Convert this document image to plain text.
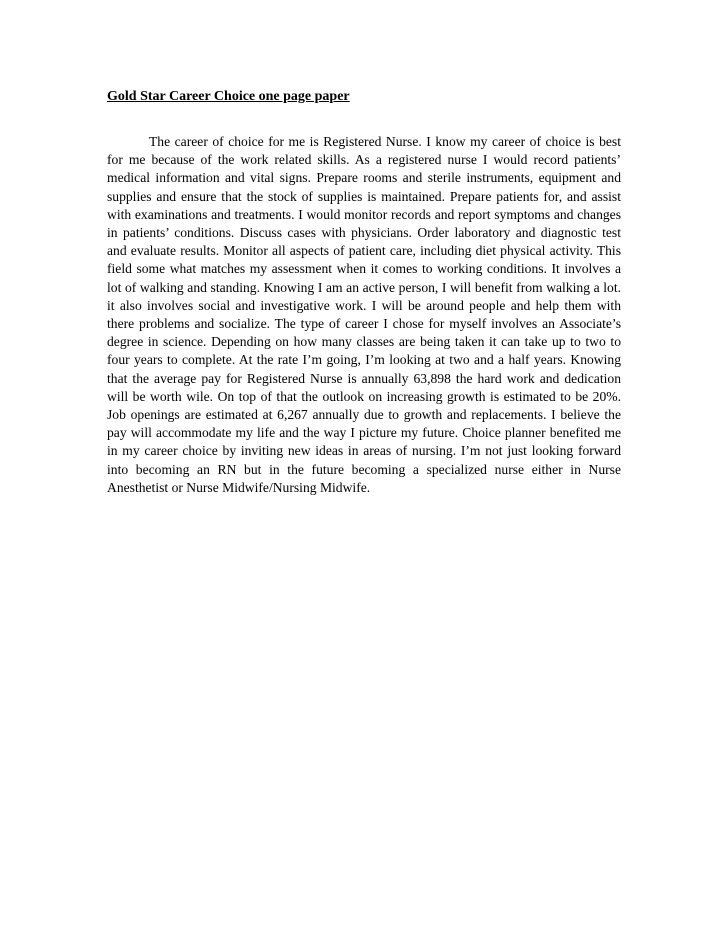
Gold Star Career Choice one page paper

The career of choice for me is Registered Nurse. I know my career of choice is best for me because of the work related skills. As a registered nurse I would record patients’ medical information and vital signs. Prepare rooms and sterile instruments, equipment and supplies and ensure that the stock of supplies is maintained. Prepare patients for, and assist with examinations and treatments. I would monitor records and report symptoms and changes in patients’ conditions. Discuss cases with physicians. Order laboratory and diagnostic test and evaluate results. Monitor all aspects of patient care, including diet physical activity. This field some what matches my assessment when it comes to working conditions. It involves a lot of walking and standing. Knowing I am an active person, I will benefit from walking a lot. it also involves social and investigative work. I will be around people and help them with there problems and socialize. The type of career I chose for myself involves an Associate’s degree in science. Depending on how many classes are being taken it can take up to two to four years to complete. At the rate I’m going, I’m looking at two and a half years. Knowing that the average pay for Registered Nurse is annually 63,898 the hard work and dedication will be worth wile. On top of that the outlook on increasing growth is estimated to be 20%. Job openings are estimated at 6,267 annually due to growth and replacements. I believe the pay will accommodate my life and the way I picture my future. Choice planner benefited me in my career choice by inviting new ideas in areas of nursing. I’m not just looking forward into becoming an RN but in the future becoming a specialized nurse either in Nurse Anesthetist or Nurse Midwife/Nursing Midwife.
